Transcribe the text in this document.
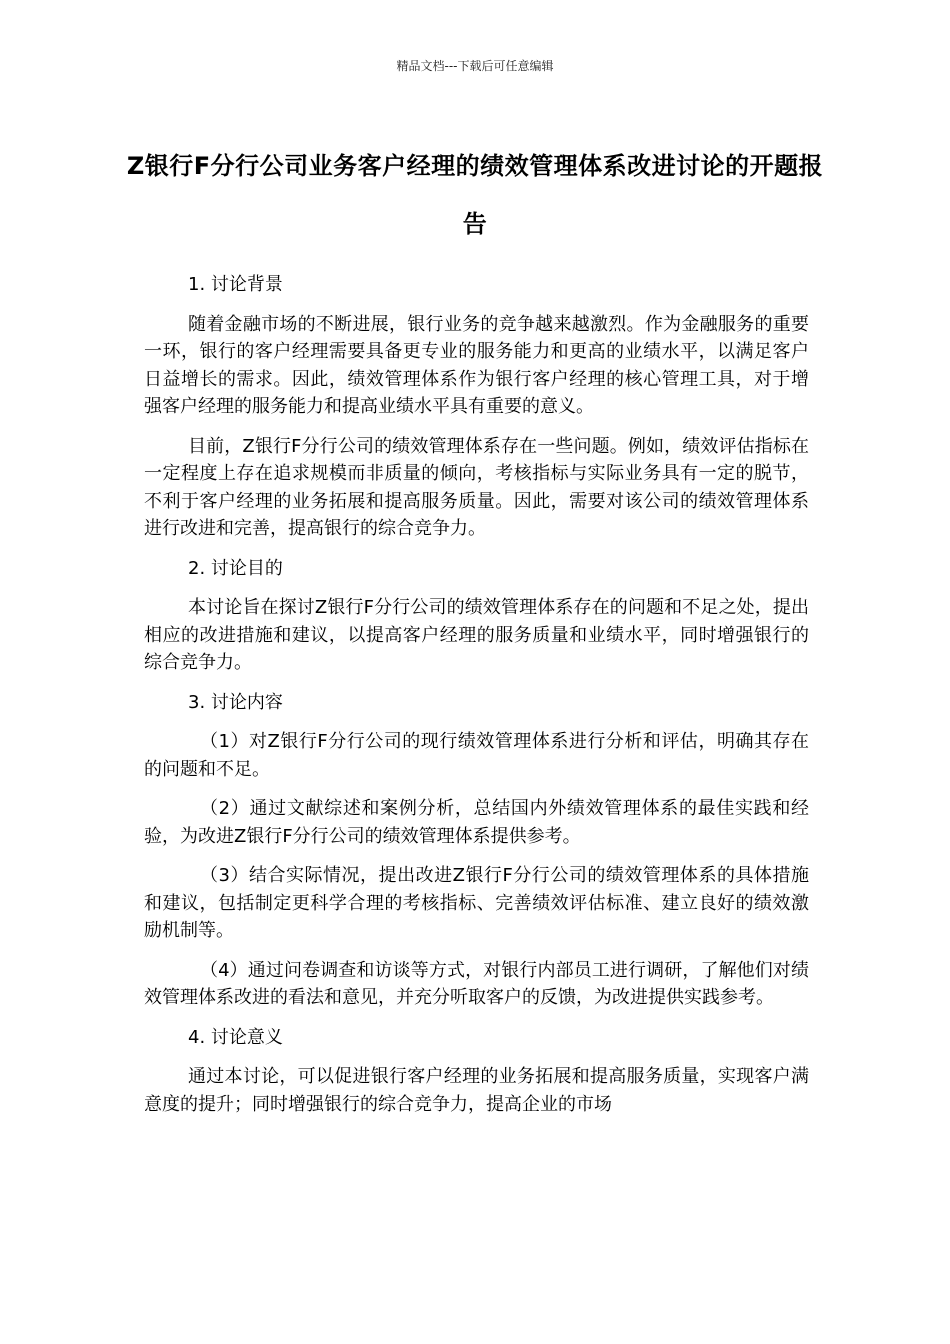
精品文档---下载后可任意编辑
Z银行F分行公司业务客户经理的绩效管理体系改进讨论的开题报告
1. 讨论背景
随着金融市场的不断进展，银行业务的竞争越来越激烈。作为金融服务的重要一环，银行的客户经理需要具备更专业的服务能力和更高的业绩水平，以满足客户日益增长的需求。因此，绩效管理体系作为银行客户经理的核心管理工具，对于增强客户经理的服务能力和提高业绩水平具有重要的意义。
目前，Z银行F分行公司的绩效管理体系存在一些问题。例如，绩效评估指标在一定程度上存在追求规模而非质量的倾向，考核指标与实际业务具有一定的脱节，不利于客户经理的业务拓展和提高服务质量。因此，需要对该公司的绩效管理体系进行改进和完善，提高银行的综合竞争力。
2. 讨论目的
本讨论旨在探讨Z银行F分行公司的绩效管理体系存在的问题和不足之处，提出相应的改进措施和建议，以提高客户经理的服务质量和业绩水平，同时增强银行的综合竞争力。
3. 讨论内容
（1）对Z银行F分行公司的现行绩效管理体系进行分析和评估，明确其存在的问题和不足。
（2）通过文献综述和案例分析，总结国内外绩效管理体系的最佳实践和经验，为改进Z银行F分行公司的绩效管理体系提供参考。
（3）结合实际情况，提出改进Z银行F分行公司的绩效管理体系的具体措施和建议，包括制定更科学合理的考核指标、完善绩效评估标准、建立良好的绩效激励机制等。
（4）通过问卷调查和访谈等方式，对银行内部员工进行调研，了解他们对绩效管理体系改进的看法和意见，并充分听取客户的反馈，为改进提供实践参考。
4. 讨论意义
通过本讨论，可以促进银行客户经理的业务拓展和提高服务质量，实现客户满意度的提升；同时增强银行的综合竞争力，提高企业的市场
